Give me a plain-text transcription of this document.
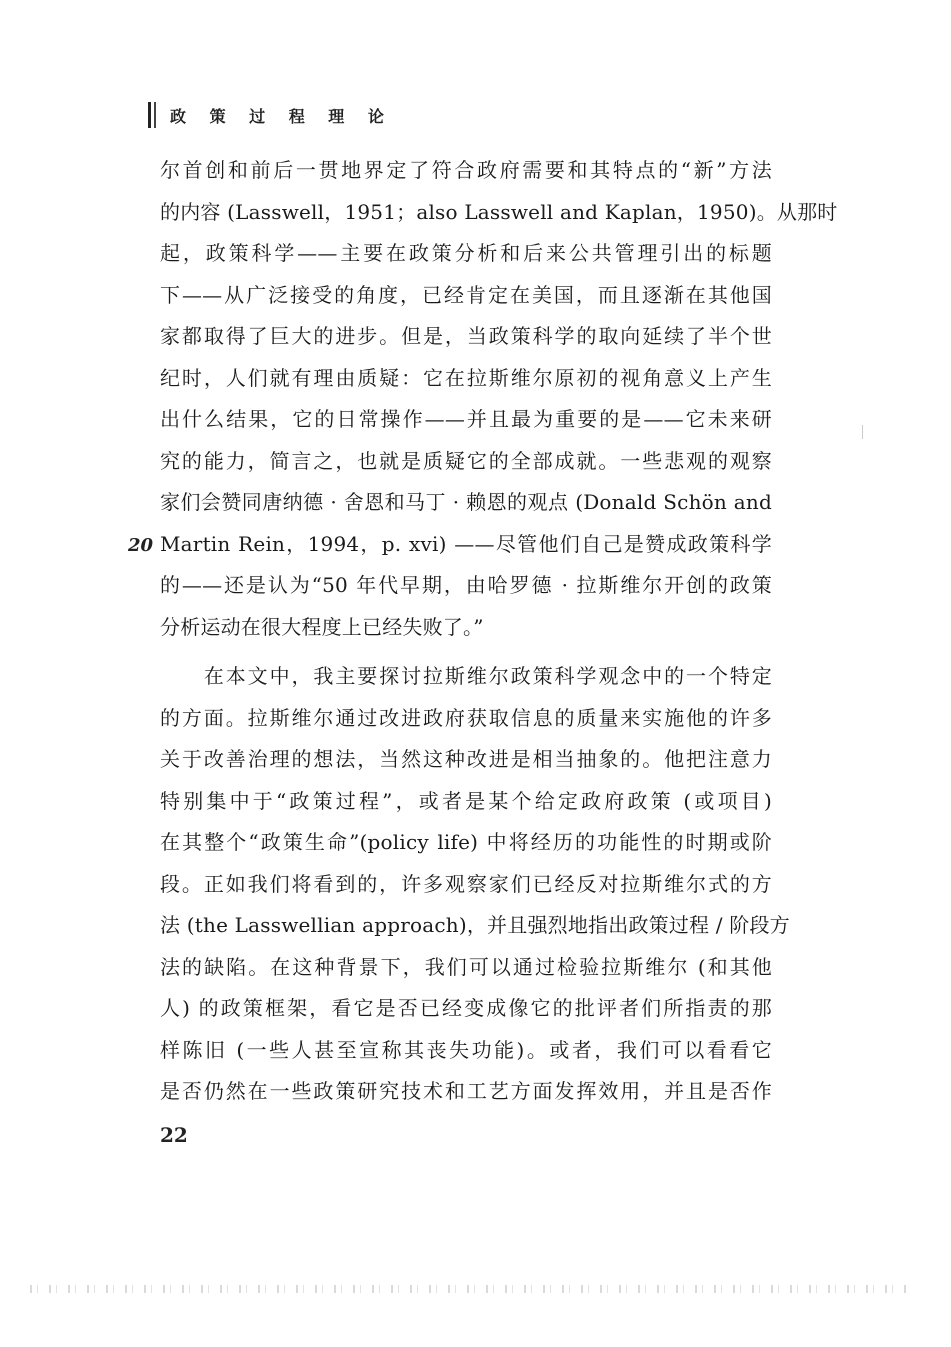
政 策 过 程 理 论
20
尔首创和前后一贯地界定了符合政府需要和其特点的“新”方法
的内容 (Lasswell，1951；also Lasswell and Kaplan，1950)。从那时
起，政策科学——主要在政策分析和后来公共管理引出的标题
下——从广泛接受的角度，已经肯定在美国，而且逐渐在其他国
家都取得了巨大的进步。但是，当政策科学的取向延续了半个世
纪时，人们就有理由质疑：它在拉斯维尔原初的视角意义上产生
出什么结果，它的日常操作——并且最为重要的是——它未来研
究的能力，简言之，也就是质疑它的全部成就。一些悲观的观察
家们会赞同唐纳德 · 舍恩和马丁 · 赖恩的观点 (Donald Schön and
Martin Rein，1994，p. xvi) ——尽管他们自己是赞成政策科学
的——还是认为“50 年代早期，由哈罗德 · 拉斯维尔开创的政策
分析运动在很大程度上已经失败了。”
　　在本文中，我主要探讨拉斯维尔政策科学观念中的一个特定
的方面。拉斯维尔通过改进政府获取信息的质量来实施他的许多
关于改善治理的想法，当然这种改进是相当抽象的。他把注意力
特别集中于“政策过程”，或者是某个给定政府政策 (或项目)
在其整个“政策生命”(policy life) 中将经历的功能性的时期或阶
段。正如我们将看到的，许多观察家们已经反对拉斯维尔式的方
法 (the Lasswellian approach)，并且强烈地指出政策过程 / 阶段方
法的缺陷。在这种背景下，我们可以通过检验拉斯维尔 (和其他
人) 的政策框架，看它是否已经变成像它的批评者们所指责的那
样陈旧 (一些人甚至宣称其丧失功能)。或者，我们可以看看它
是否仍然在一些政策研究技术和工艺方面发挥效用，并且是否作
22
